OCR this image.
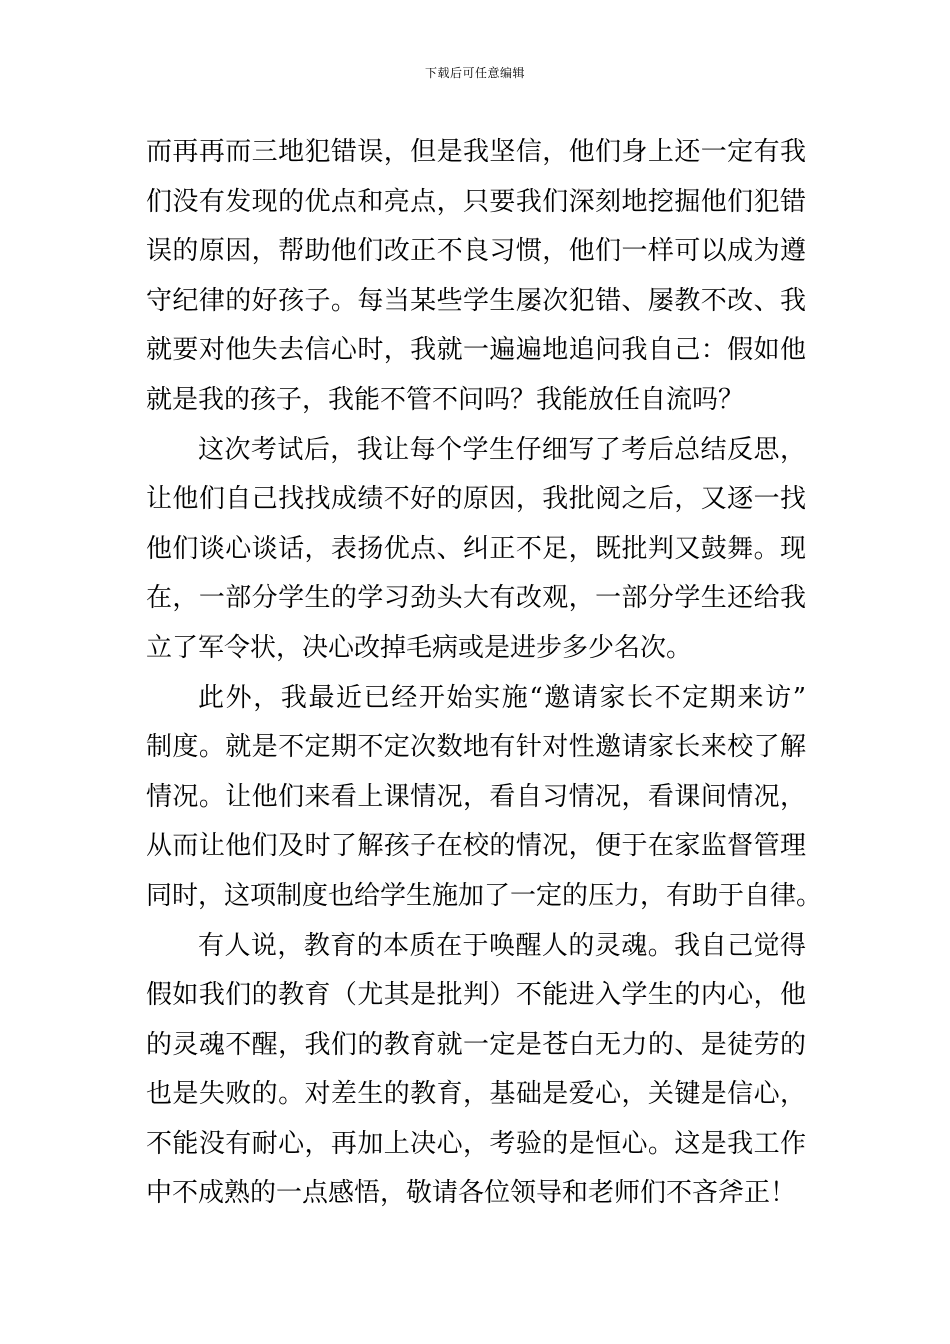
下载后可任意编辑
而再再而三地犯错误，但是我坚信，他们身上还一定有我
们没有发现的优点和亮点，只要我们深刻地挖掘他们犯错
误的原因，帮助他们改正不良习惯，他们一样可以成为遵
守纪律的好孩子。每当某些学生屡次犯错、屡教不改、我
就要对他失去信心时，我就一遍遍地追问我自己：假如他
就是我的孩子，我能不管不问吗？我能放任自流吗？
这次考试后，我让每个学生仔细写了考后总结反思，
让他们自己找找成绩不好的原因，我批阅之后，又逐一找
他们谈心谈话，表扬优点、纠正不足，既批判又鼓舞。现
在，一部分学生的学习劲头大有改观，一部分学生还给我
立了军令状，决心改掉毛病或是进步多少名次。
此外，我最近已经开始实施“邀请家长不定期来访”
制度。就是不定期不定次数地有针对性邀请家长来校了解
情况。让他们来看上课情况，看自习情况，看课间情况，
从而让他们及时了解孩子在校的情况，便于在家监督管理
同时，这项制度也给学生施加了一定的压力，有助于自律。
有人说，教育的本质在于唤醒人的灵魂。我自己觉得
假如我们的教育（尤其是批判）不能进入学生的内心，他
的灵魂不醒，我们的教育就一定是苍白无力的、是徒劳的
也是失败的。对差生的教育，基础是爱心，关键是信心，
不能没有耐心，再加上决心，考验的是恒心。这是我工作
中不成熟的一点感悟，敬请各位领导和老师们不吝斧正！
